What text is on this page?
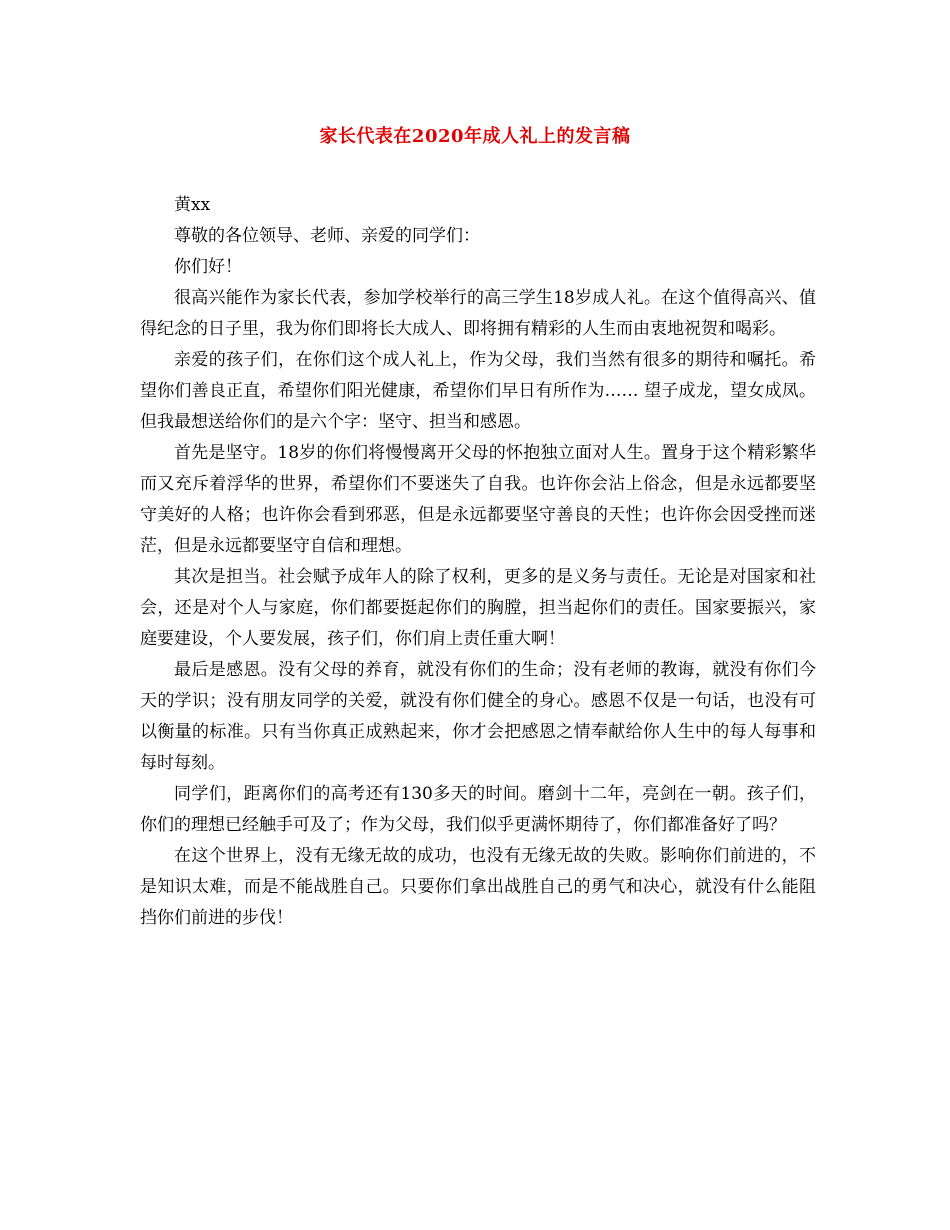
家长代表在2020年成人礼上的发言稿

黄xx

尊敬的各位领导、老师、亲爱的同学们：

你们好！

很高兴能作为家长代表，参加学校举行的高三学生18岁成人礼。在这个值得高兴、值得纪念的日子里，我为你们即将长大成人、即将拥有精彩的人生而由衷地祝贺和喝彩。

亲爱的孩子们，在你们这个成人礼上，作为父母，我们当然有很多的期待和嘱托。希望你们善良正直，希望你们阳光健康，希望你们早日有所作为…… 望子成龙，望女成凤。但我最想送给你们的是六个字：坚守、担当和感恩。

首先是坚守。18岁的你们将慢慢离开父母的怀抱独立面对人生。置身于这个精彩繁华而又充斥着浮华的世界，希望你们不要迷失了自我。也许你会沾上俗念，但是永远都要坚守美好的人格；也许你会看到邪恶，但是永远都要坚守善良的天性；也许你会因受挫而迷茫，但是永远都要坚守自信和理想。

其次是担当。社会赋予成年人的除了权利，更多的是义务与责任。无论是对国家和社会，还是对个人与家庭，你们都要挺起你们的胸膛，担当起你们的责任。国家要振兴，家庭要建设，个人要发展，孩子们，你们肩上责任重大啊！

最后是感恩。没有父母的养育，就没有你们的生命；没有老师的教诲，就没有你们今天的学识；没有朋友同学的关爱，就没有你们健全的身心。感恩不仅是一句话，也没有可以衡量的标准。只有当你真正成熟起来，你才会把感恩之情奉献给你人生中的每人每事和每时每刻。

同学们，距离你们的高考还有130多天的时间。磨剑十二年，亮剑在一朝。孩子们，你们的理想已经触手可及了；作为父母，我们似乎更满怀期待了，你们都准备好了吗？

在这个世界上，没有无缘无故的成功，也没有无缘无故的失败。影响你们前进的，不是知识太难，而是不能战胜自己。只要你们拿出战胜自己的勇气和决心，就没有什么能阻挡你们前进的步伐！
